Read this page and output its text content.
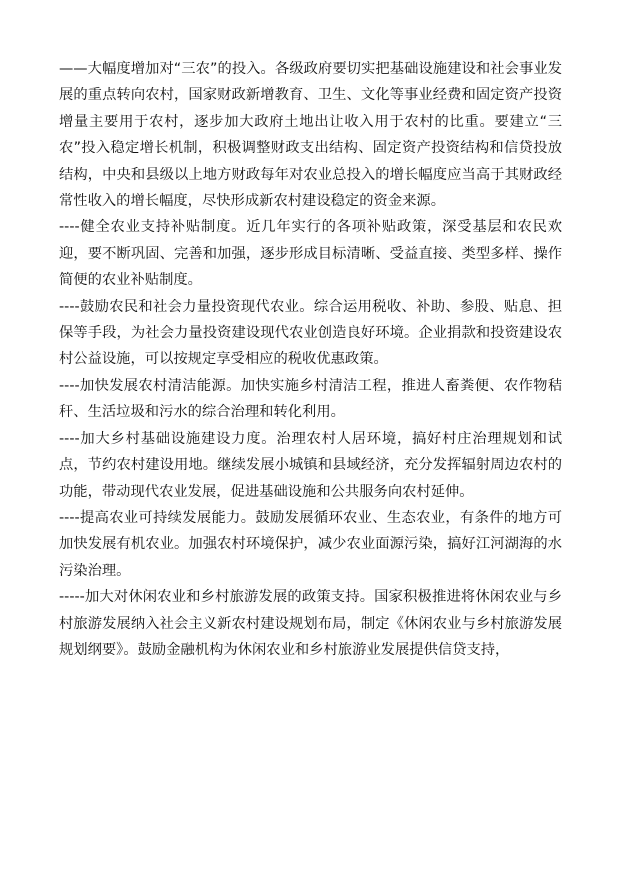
——大幅度增加对“三农”的投入。各级政府要切实把基础设施建设和社会事业发展的重点转向农村，国家财政新增教育、卫生、文化等事业经费和固定资产投资增量主要用于农村，逐步加大政府土地出让收入用于农村的比重。要建立“三农”投入稳定增长机制，积极调整财政支出结构、固定资产投资结构和信贷投放结构，中央和县级以上地方财政每年对农业总投入的增长幅度应当高于其财政经常性收入的增长幅度，尽快形成新农村建设稳定的资金来源。

----健全农业支持补贴制度。近几年实行的各项补贴政策，深受基层和农民欢迎，要不断巩固、完善和加强，逐步形成目标清晰、受益直接、类型多样、操作简便的农业补贴制度。

----鼓励农民和社会力量投资现代农业。综合运用税收、补助、参股、贴息、担保等手段，为社会力量投资建设现代农业创造良好环境。企业捐款和投资建设农村公益设施，可以按规定享受相应的税收优惠政策。

----加快发展农村清洁能源。加快实施乡村清洁工程，推进人畜粪便、农作物秸秆、生活垃圾和污水的综合治理和转化利用。

----加大乡村基础设施建设力度。治理农村人居环境，搞好村庄治理规划和试点，节约农村建设用地。继续发展小城镇和县域经济，充分发挥辐射周边农村的功能，带动现代农业发展，促进基础设施和公共服务向农村延伸。

----提高农业可持续发展能力。鼓励发展循环农业、生态农业，有条件的地方可加快发展有机农业。加强农村环境保护，减少农业面源污染，搞好江河湖海的水污染治理。

-----加大对休闲农业和乡村旅游发展的政策支持。国家积极推进将休闲农业与乡村旅游发展纳入社会主义新农村建设规划布局，制定《休闲农业与乡村旅游发展规划纲要》。鼓励金融机构为休闲农业和乡村旅游业发展提供信贷支持，
